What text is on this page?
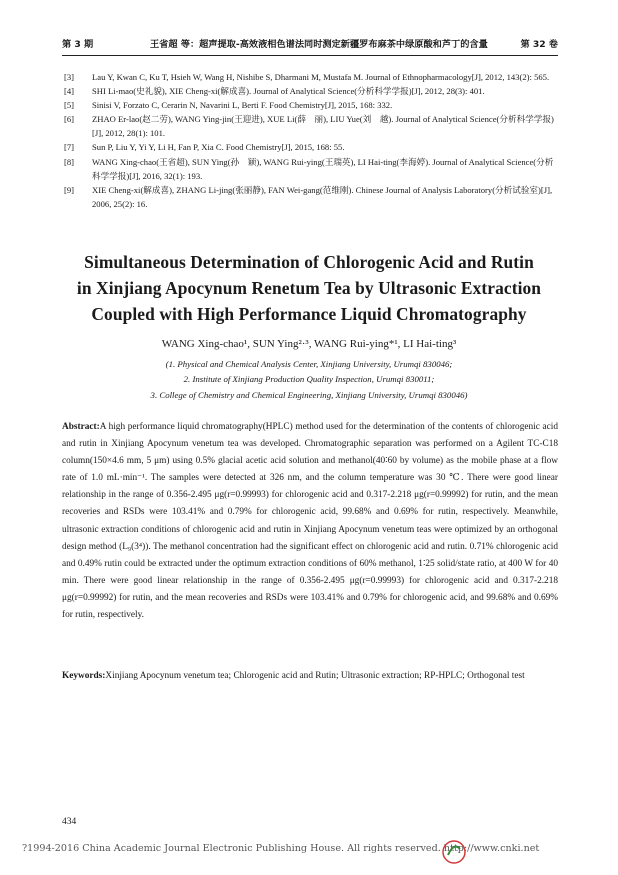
第 3 期	王省超 等：超声提取-高效液相色谱法同时测定新疆罗布麻茶中绿原酸和芦丁的含量	第 32 卷
[3] Lau Y, Kwan C, Ku T, Hsieh W, Wang H, Nishibe S, Dharmani M, Mustafa M. Journal of Ethnopharmacology[J], 2012, 143(2): 565.
[4] SHI Li-mao(史礼貌), XIE Cheng-xi(解成喜). Journal of Analytical Science(分析科学学报)[J], 2012, 28(3): 401.
[5] Sinisi V, Forzato C, Cerarin N, Navarini L, Berti F. Food Chemistry[J], 2015, 168: 332.
[6] ZHAO Er-lao(赵二劳), WANG Ying-jin(王迎进), XUE Li(薛　丽), LIU Yue(刘　越). Journal of Analytical Science(分析科学学报)[J], 2012, 28(1): 101.
[7] Sun P, Liu Y, Yi Y, Li H, Fan P, Xia C. Food Chemistry[J], 2015, 168: 55.
[8] WANG Xing-chao(王省超), SUN Ying(孙　颖), WANG Rui-ying(王瑞英), LI Hai-ting(李海婷). Journal of Analytical Science(分析科学学报)[J], 2016, 32(1): 193.
[9] XIE Cheng-xi(解成喜), ZHANG Li-jing(张丽静), FAN Wei-gang(范维刚). Chinese Journal of Analysis Laboratory(分析试验室)[J], 2006, 25(2): 16.
Simultaneous Determination of Chlorogenic Acid and Rutin
in Xinjiang Apocynum Renetum Tea by Ultrasonic Extraction
Coupled with High Performance Liquid Chromatography
WANG Xing-chao¹, SUN Ying²·³, WANG Rui-ying*¹, LI Hai-ting³
(1. Physical and Chemical Analysis Center, Xinjiang University, Urumqi 830046;
2. Institute of Xinjiang Production Quality Inspection, Urumqi 830011;
3. College of Chemistry and Chemical Engineering, Xinjiang University, Urumqi 830046)
Abstract:A high performance liquid chromatography(HPLC) method used for the determination of the contents of chlorogenic acid and rutin in Xinjiang Apocynum venetum tea was developed. Chromatographic separation was performed on a Agilent TC-C18 column(150×4.6 mm, 5 μm) using 0.5% glacial acetic acid solution and methanol(40∶60 by volume) as the mobile phase at a flow rate of 1.0 mL·min⁻¹. The samples were detected at 326 nm, and the column temperature was 30 ℃. There were good linear relationship in the range of 0.356-2.495 μg(r=0.99993) for chlorogenic acid and 0.317-2.218 μg(r=0.99992) for rutin, and the mean recoveries and RSDs were 103.41% and 0.79% for chlorogenic acid, 99.68% and 0.69% for rutin, respectively. Meanwhile, ultrasonic extraction conditions of chlorogenic acid and rutin in Xinjiang Apocynum venetum teas were optimized by an orthogonal design method (L₉(3⁴)). The methanol concentration had the significant effect on chlorogenic acid and rutin. 0.71% chlorogenic acid and 0.49% rutin could be extracted under the optimum extraction conditions of 60% methanol, 1∶25 solid/state ratio, at 400 W for 40 min. There were good linear relationship in the range of 0.356-2.495 μg(r=0.99993) for chlorogenic acid and 0.317-2.218 μg(r=0.99992) for rutin, and the mean recoveries and RSDs were 103.41% and 0.79% for chlorogenic acid, and 99.68% and 0.69% for rutin, respectively.
Keywords:Xinjiang Apocynum venetum tea; Chlorogenic acid and Rutin; Ultrasonic extraction; RP-HPLC; Orthogonal test
434
?1994-2016 China Academic Journal Electronic Publishing House. All rights reserved. http://www.cnki.net
